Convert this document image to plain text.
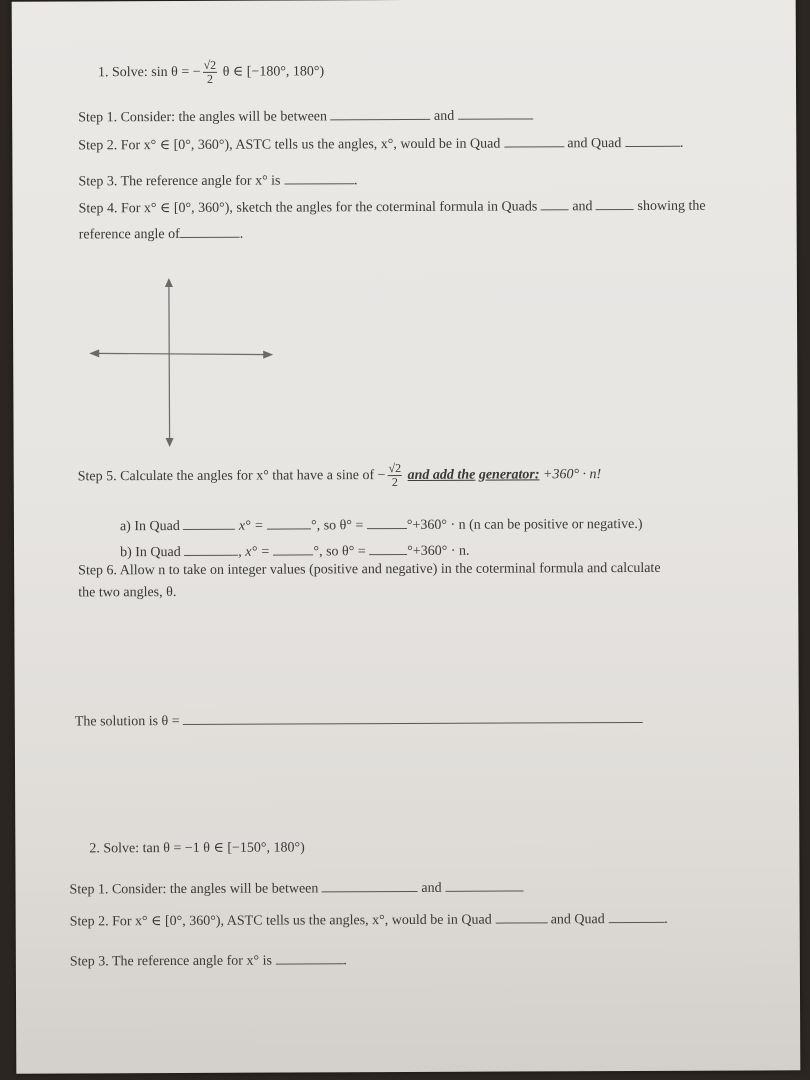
1. Solve: sin θ = − $\frac{√2}{2}$ θ ∈ [−180°, 180°)
Step 1. Consider: the angles will be between	and
Step 2. For x° ∈ [0°, 360°), ASTC tells us the angles, x°, would be in Quad	and Quad	.
Step 3. The reference angle for x° is	.
Step 4. For x° ∈ [0°, 360°), sketch the angles for the coterminal formula in Quads and	showing the
reference angle of	.
Step 5. Calculate the angles for x° that have a sine of − $\frac{√2}{2}$ and add the generator: +360° · n!
a) In Quad	x° =	°, so θ° =	°+360° · n (n can be positive or negative.)
b) In Quad	, x° =	°, so θ° =	°+360° · n.
Step 6. Allow n to take on integer values (positive and negative) in the coterminal formula and calculate
the two angles, θ.
The solution is θ =
2. Solve: tan θ = −1 θ ∈ [−150°, 180°)
Step 1. Consider: the angles will be between	and
Step 2. For x° ∈ [0°, 360°), ASTC tells us the angles, x°, would be in Quad	and Quad	.
Step 3. The reference angle for x° is	.
